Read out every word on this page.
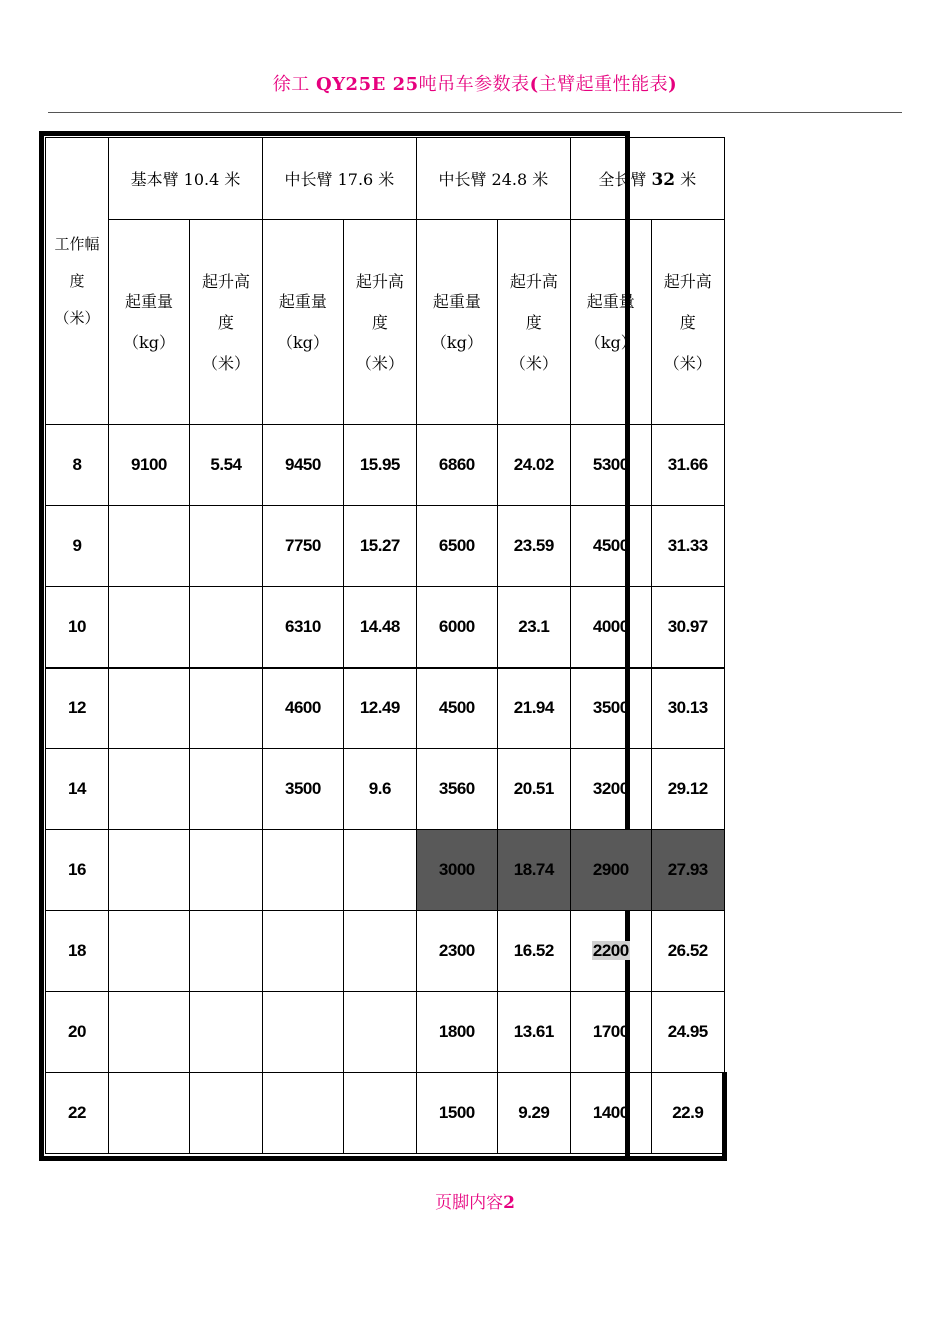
徐工 QY25E 25吨吊车参数表(主臂起重性能表)
工作幅度（米）	基本臂 10.4 米		中长臂 17.6 米		中长臂 24.8 米		全长臂 32 米		
	起重量（kg）	起升高度（米）	起重量（kg）	起升高度（米）	起重量（kg）	起升高度（米）	起重量（kg）	起升高度（米）	
8	9100	5.54	9450	15.95	6860	24.02	5300	31.66	
9			7750	15.27	6500	23.59	4500	31.33	
10			6310	14.48	6000	23.1	4000	30.97	
12			4600	12.49	4500	21.94	3500	30.13	
14			3500	9.6	3560	20.51	3200	29.12	
16					3000	18.74	2900	27.93	
18					2300	16.52	2200	26.52	
20					1800	13.61	1700	24.95	
22					1500	9.29	1400	22.9	
页脚内容2
